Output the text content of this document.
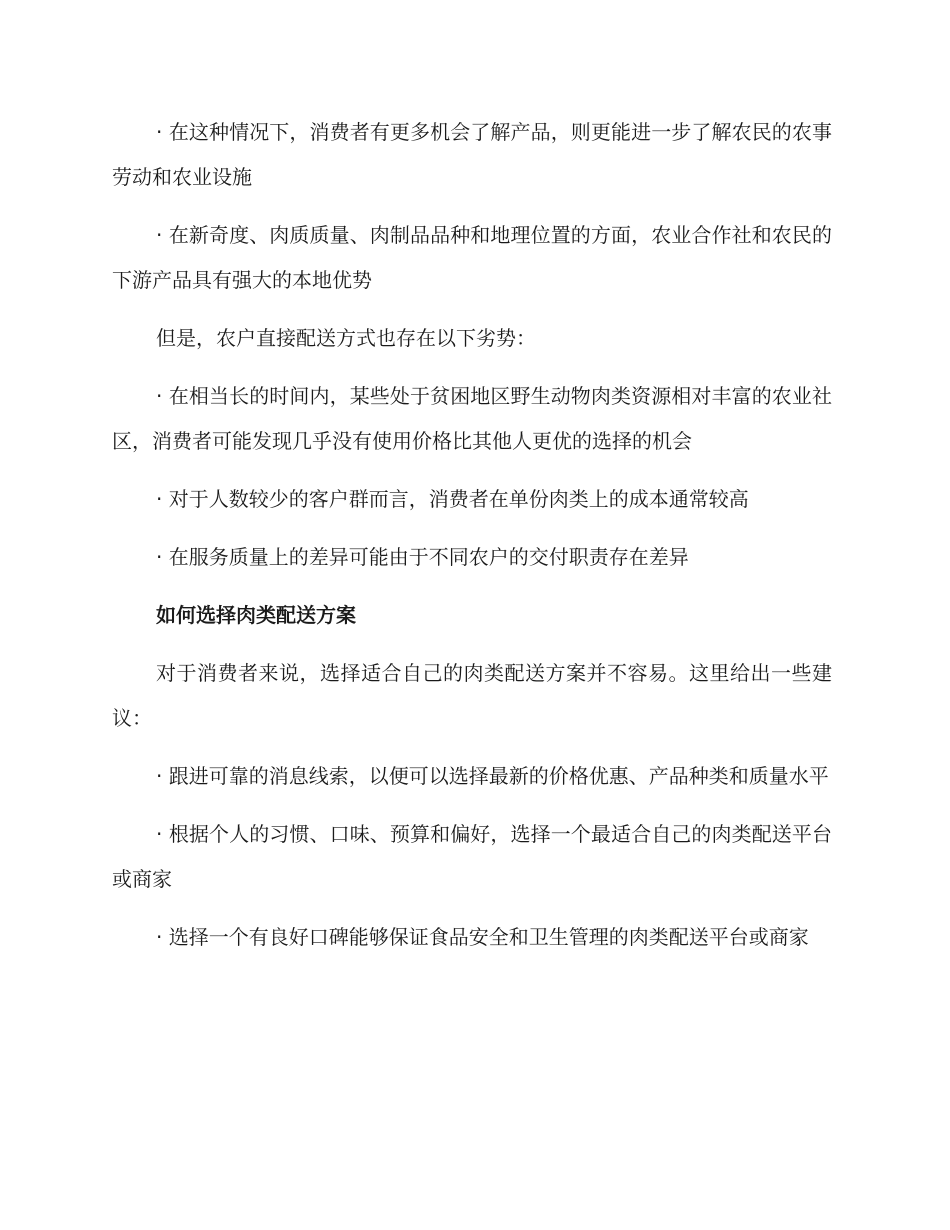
· 在这种情况下，消费者有更多机会了解产品，则更能进一步了解农民的农事劳动和农业设施

· 在新奇度、肉质质量、肉制品品种和地理位置的方面，农业合作社和农民的下游产品具有强大的本地优势

但是，农户直接配送方式也存在以下劣势：

· 在相当长的时间内，某些处于贫困地区野生动物肉类资源相对丰富的农业社区，消费者可能发现几乎没有使用价格比其他人更优的选择的机会

· 对于人数较少的客户群而言，消费者在单份肉类上的成本通常较高

· 在服务质量上的差异可能由于不同农户的交付职责存在差异

如何选择肉类配送方案

对于消费者来说，选择适合自己的肉类配送方案并不容易。这里给出一些建议：

· 跟进可靠的消息线索，以便可以选择最新的价格优惠、产品种类和质量水平

· 根据个人的习惯、口味、预算和偏好，选择一个最适合自己的肉类配送平台或商家

· 选择一个有良好口碑能够保证食品安全和卫生管理的肉类配送平台或商家
